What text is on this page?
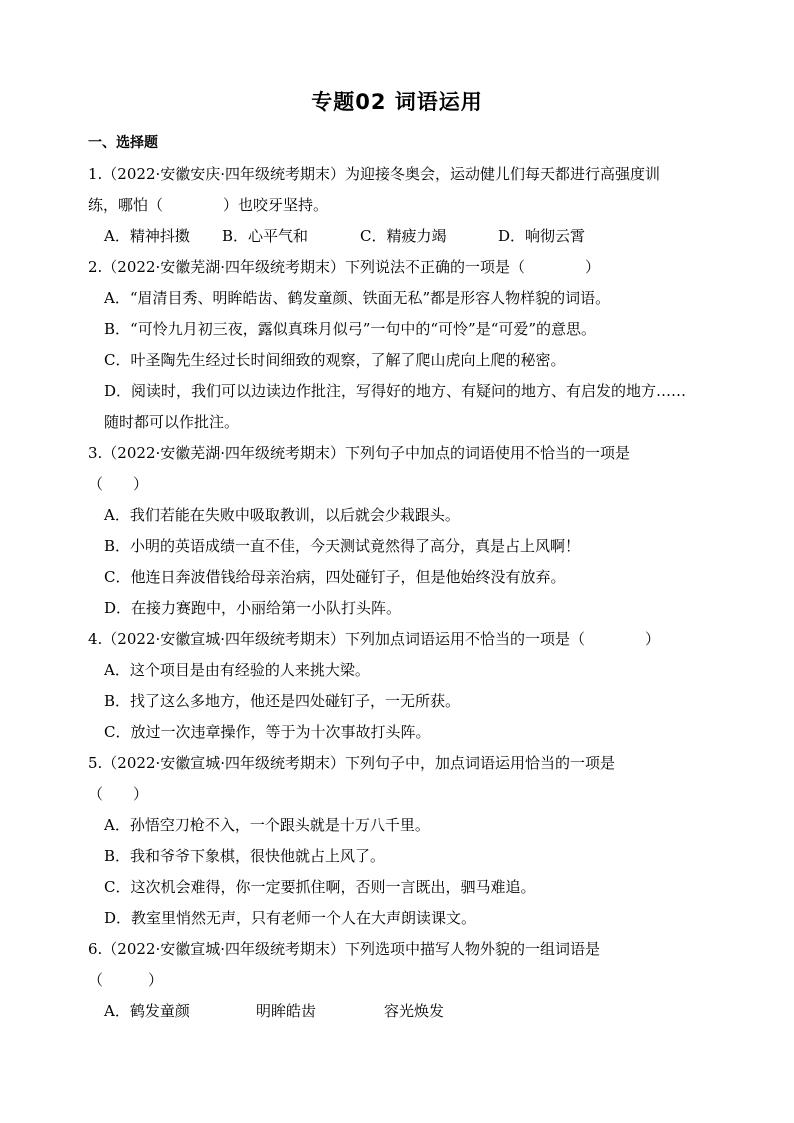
专题02 词语运用
一、选择题
1.（2022·安徽安庆·四年级统考期末）为迎接冬奥会，运动健儿们每天都进行高强度训
练，哪怕（　　　　）也咬牙坚持。
A．精神抖擞 B．心平气和	C．精疲力竭	D．响彻云霄
2.（2022·安徽芜湖·四年级统考期末）下列说法不正确的一项是（　　　　）
A．“眉清目秀、明眸皓齿、鹤发童颜、铁面无私”都是形容人物样貌的词语。
B．“可怜九月初三夜，露似真珠月似弓”一句中的“可怜”是“可爱”的意思。
C．叶圣陶先生经过长时间细致的观察，了解了爬山虎向上爬的秘密。
D．阅读时，我们可以边读边作批注，写得好的地方、有疑问的地方、有启发的地方……
随时都可以作批注。
3.（2022·安徽芜湖·四年级统考期末）下列句子中加点的词语使用不恰当的一项是
（　　）
A．我们若能在失败中吸取教训，以后就会少栽跟头。
B．小明的英语成绩一直不佳，今天测试竟然得了高分，真是占上风啊！
C．他连日奔波借钱给母亲治病，四处碰钉子，但是他始终没有放弃。
D．在接力赛跑中，小丽给第一小队打头阵。
4.（2022·安徽宣城·四年级统考期末）下列加点词语运用不恰当的一项是（　　　　）
A．这个项目是由有经验的人来挑大梁。
B．找了这么多地方，他还是四处碰钉子，一无所获。
C．放过一次违章操作，等于为十次事故打头阵。
5.（2022·安徽宣城·四年级统考期末）下列句子中，加点词语运用恰当的一项是
（　　）
A．孙悟空刀枪不入，一个跟头就是十万八千里。
B．我和爷爷下象棋，很快他就占上风了。
C．这次机会难得，你一定要抓住啊，否则一言既出，驷马难追。
D．教室里悄然无声，只有老师一个人在大声朗读课文。
6.（2022·安徽宣城·四年级统考期末）下列选项中描写人物外貌的一组词语是
（　　　）
A．鹤发童颜	明眸皓齿	容光焕发
